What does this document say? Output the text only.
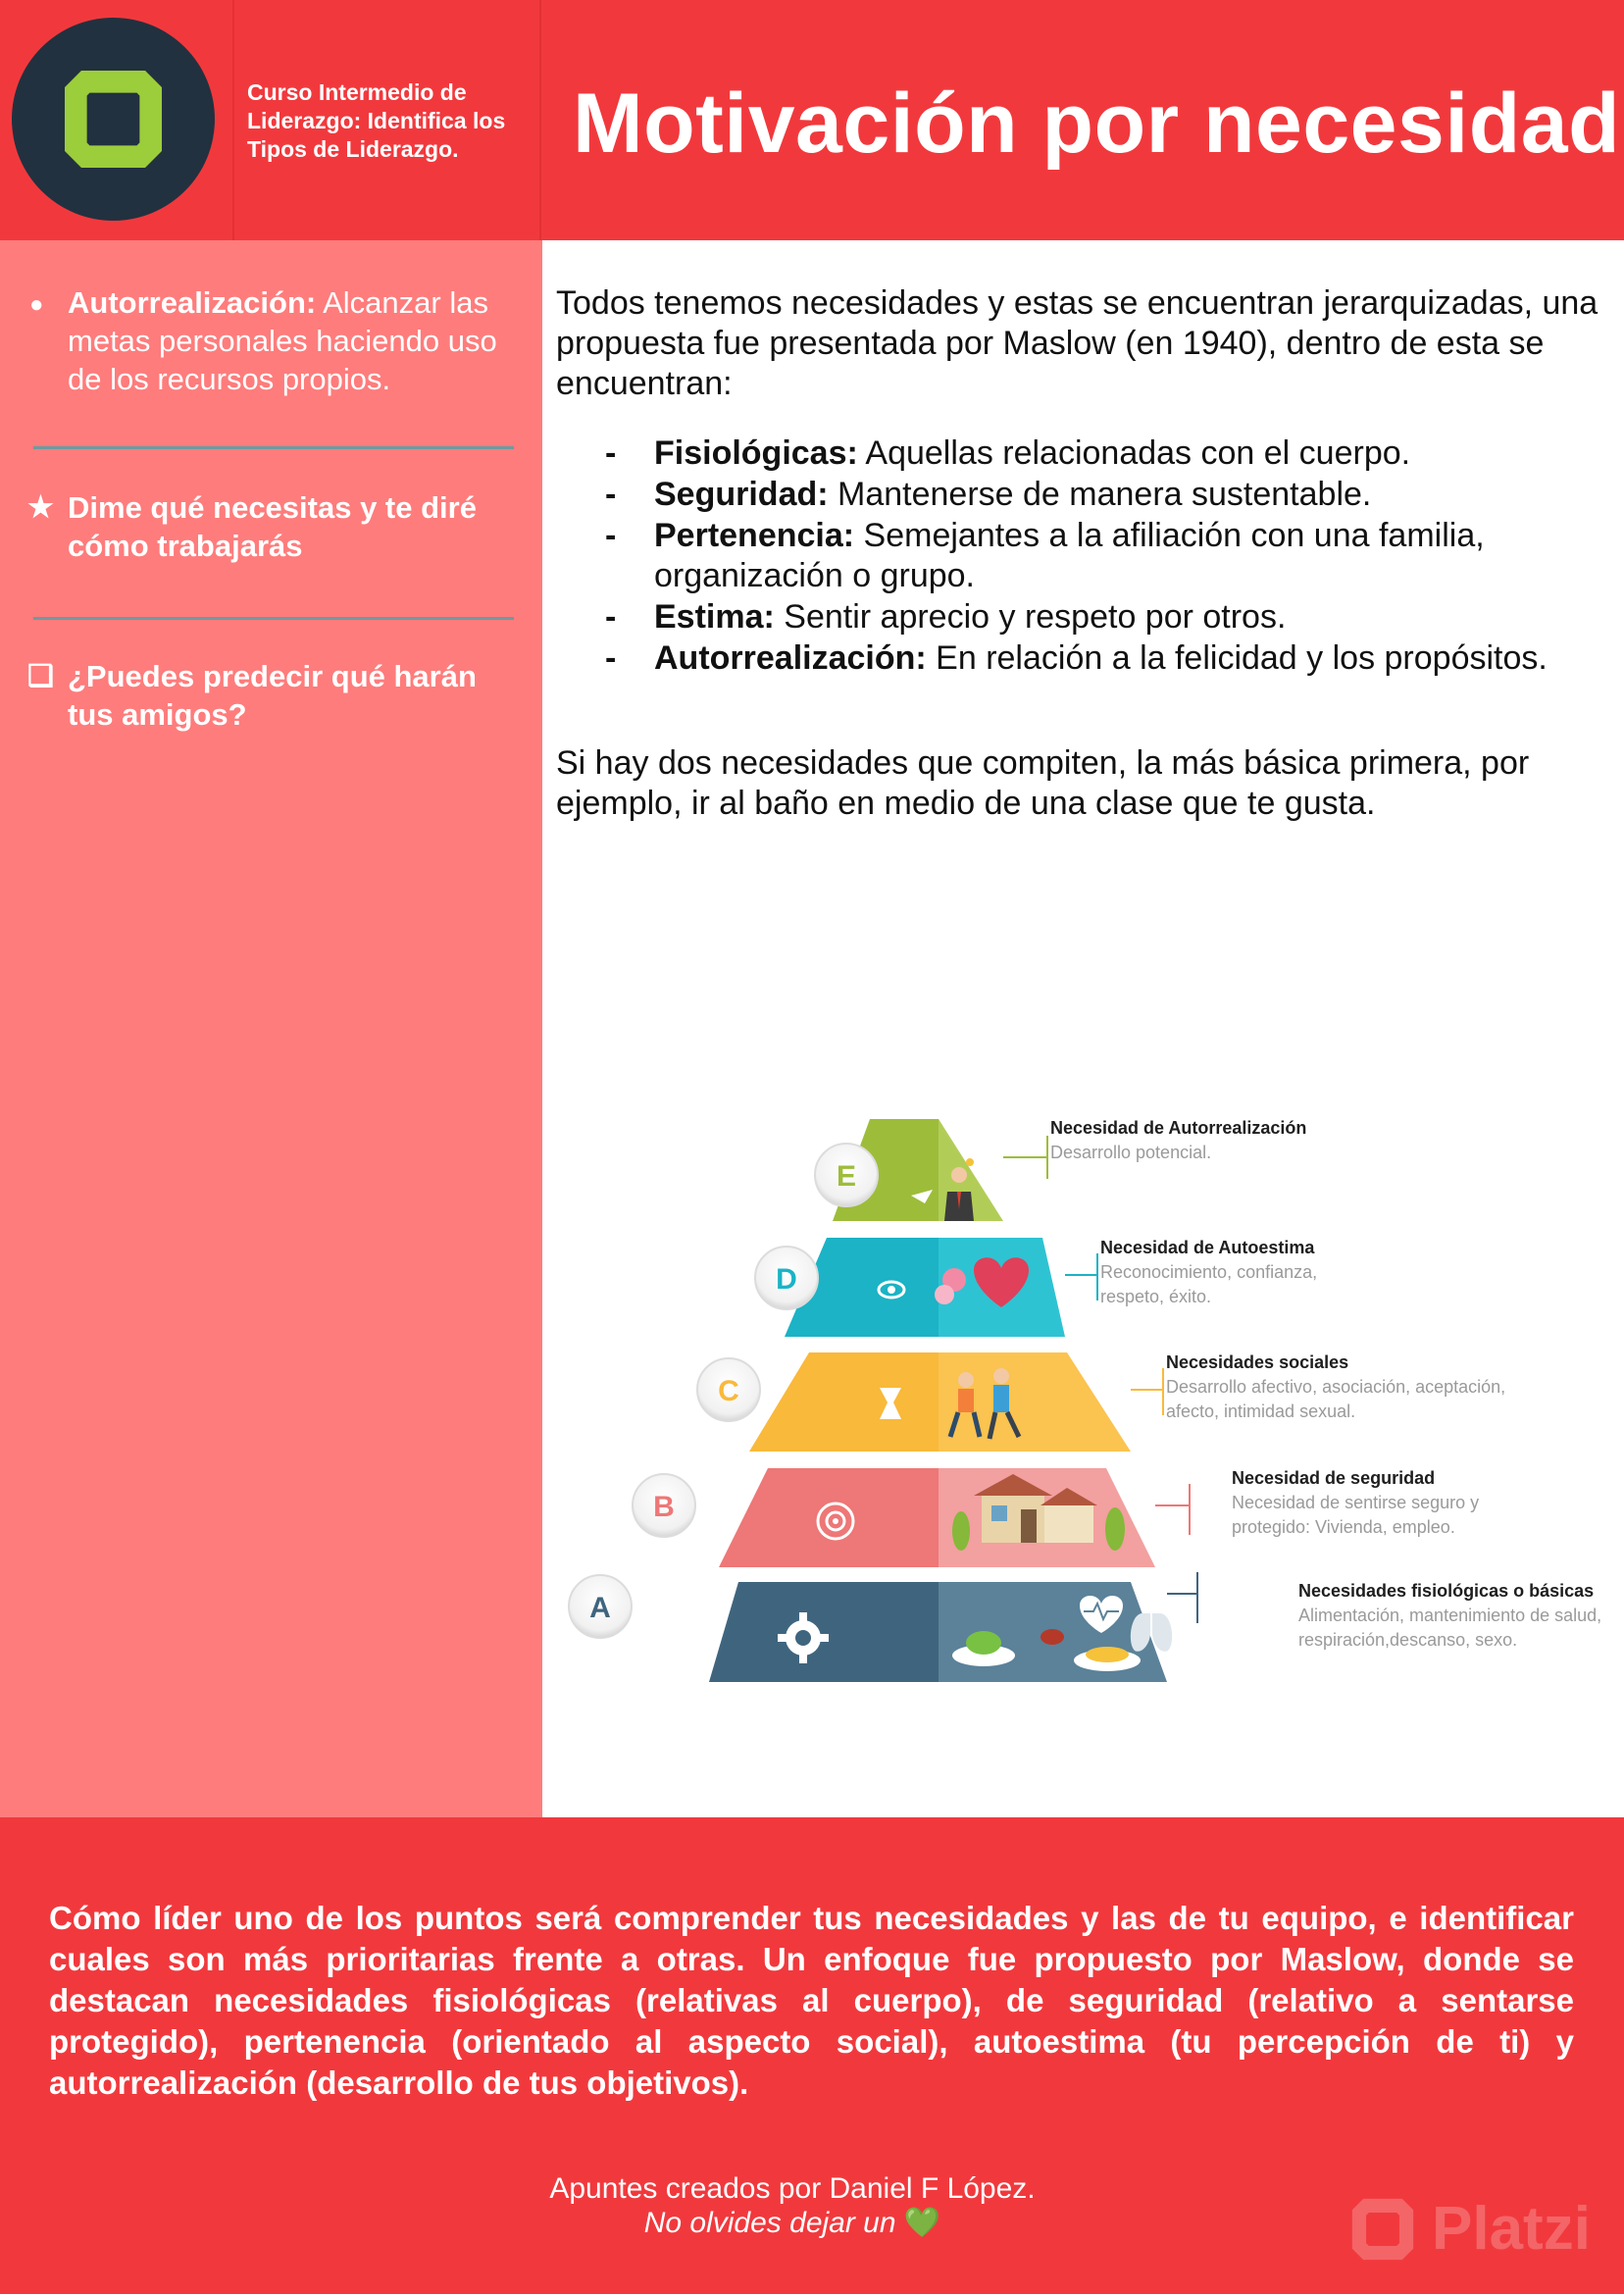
Curso Intermedio de Liderazgo: Identifica los Tipos de Liderazgo.	Motivación por necesidad
● Autorrealización: Alcanzar las metas personales haciendo uso de los recursos propios.
★ Dime qué necesitas y te diré cómo trabajarás
❑ ¿Puedes predecir qué harán tus amigos?

Todos tenemos necesidades y estas se encuentran jerarquizadas, una propuesta fue presentada por Maslow (en 1940), dentro de esta se encuentran:

- Fisiológicas: Aquellas relacionadas con el cuerpo.
- Seguridad: Mantenerse de manera sustentable.
- Pertenencia: Semejantes a la afiliación con una familia, organización o grupo.
- Estima: Sentir aprecio y respeto por otros.
- Autorrealización: En relación a la felicidad y los propósitos.

Si hay dos necesidades que compiten, la más básica primera, por ejemplo, ir al baño en medio de una clase que te gusta.

E
D
C
B
A
Necesidad de Autorrealización
Desarrollo potencial.
Necesidad de Autoestima
Reconocimiento, confianza, respeto, éxito.
Necesidades sociales
Desarrollo afectivo, asociación, aceptación, afecto, intimidad sexual.
Necesidad de seguridad
Necesidad de sentirse seguro y protegido: Vivienda, empleo.
Necesidades fisiológicas o básicas
Alimentación, mantenimiento de salud, respiración,descanso, sexo.

Cómo líder uno de los puntos será comprender tus necesidades y las de tu equipo, e identificar cuales son más prioritarias frente a otras. Un enfoque fue propuesto por Maslow, donde se destacan necesidades fisiológicas (relativas al cuerpo), de seguridad (relativo a sentarse protegido), pertenencia (orientado al aspecto social), autoestima (tu percepción de ti) y autorrealización (desarrollo de tus objetivos).

Platzi
Apuntes creados por Daniel F López.
No olvides dejar un 💚
